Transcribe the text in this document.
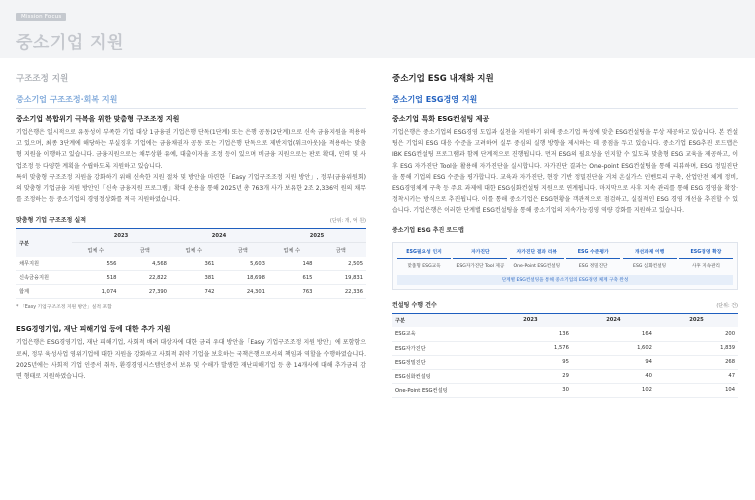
Mission Focus
중소기업 지원
구조조정 지원
중소기업 구조조정·회복 지원
중소기업 복합위기 극복을 위한 맞춤형 구조조정 지원

기업은행은 일시적으로 유동성이 부족한 기업 대상 1금융권 기업은행 단독(1단계) 또는 은행 공동(2단계)으로 신속 금융지원을 적용하고 있으며, 최종 3단계에 해당하는 부실징후 기업에는 금융채권자 공동 또는 기업은행 단독으로 제반지업(워크아웃)을 적용하는 맞춤형 지원을 이행하고 있습니다. 금융지원으로는 채무상환 유예, 대출이자율 조정 등이 있으며 비금융 지원으로는 판로 확대, 인력 및 사업조정 등 다양한 계획을 수립하도록 지원하고 있습니다.

특히 맞춤형 구조조정 지원을 강화하기 위해 신속한 지원 절차 및 방안을 마련한「Easy 기업구조조정 지원 방안」, 정부(금융위원회)의 맞춤형 기업금융 지원 방안인「신속 금융지원 프로그램」확대 운용을 통해 2025년 총 763개 사가 보유한 2조 2,336억 원의 채무를 조정하는 등 중소기업의 경영정상화를 적극 지원하였습니다.

맞춤형 기업 구조조정 실적	(단위: 개, 억 원)
구분	2023		2024		2025	
	업체 수	금액	업체 수	금액	업체 수	금액
채무지원	556	4,568	361	5,603	148	2,505
신속금융지원	518	22,822	381	18,698	615	19,831
합계	1,074	27,390	742	24,301	763	22,336
* 「Easy 기업구조조정 지원 방안」실적 포함
ESG경영기업, 재난 피해기업 등에 대한 추가 지원

기업은행은 ESG경영기업, 재난 피해기업, 사회적 배려 대상자에 대한 금리 우대 방안을「Easy 기업구조조정 지원 방안」에 포함함으로써, 정부 육성사업 영위기업에 대한 지원을 강화하고 사회적 취약 기업을 보호하는 국책은행으로서의 책임과 역할을 수행하였습니다. 2025년에는 사회적 기업 인증서 취득, 환경경영시스템인증서 보유 및 수해가 발생한 재난피해기업 등 총 14개사에 대해 추가금리 감면 형태로 지원하였습니다.

중소기업 ESG 내재화 지원
중소기업 ESG경영 지원
중소기업 특화 ESG컨설팅 제공

기업은행은 중소기업의 ESG경영 도입과 실천을 지원하기 위해 중소기업 특성에 맞춘 ESG컨설팅을 무상 제공하고 있습니다. 본 컨설팅은 기업의 ESG 대응 수준을 고려하여 실무 중심의 실행 방향을 제시하는 데 중점을 두고 있습니다. 중소기업 ESG추진 로드맵은 IBK ESG컨설팅 프로그램과 함께 단계적으로 진행됩니다. 먼저 ESG의 필요성을 인지할 수 있도록 맞춤형 ESG 교육을 제공하고, 이후 ESG 자가진단 Tool을 활용해 자가진단을 실시합니다. 자가진단 결과는 One-point ESG컨설팅을 통해 리뷰하며, ESG 정밀진단을 통해 기업의 ESG 수준을 평가합니다. 교육과 자가진단, 현장 기반 정밀진단을 거쳐 온실가스 인벤토리 구축, 산업안전 체계 정비, ESG경영체계 구축 등 주요 과제에 대한 ESG심화컨설팅 지원으로 연계됩니다. 마지막으로 사후 지속 관리를 통해 ESG 경영을 확장·정착시키는 방식으로 추진됩니다. 이를 통해 중소기업은 ESG현황을 객관적으로 점검하고, 실질적인 ESG 경영 개선을 추진할 수 있습니다. 기업은행은 이러한 단계별 ESG컨설팅을 통해 중소기업의 지속가능경영 역량 강화를 지원하고 있습니다.

중소기업 ESG 추진 로드맵
ESG필요성 인지
맞춤형 ESG교육
자가진단
ESG자가진단 Tool 제공
자가진단 결과 리뷰
One-Point ESG컨설팅
ESG 수준평가
ESG 정밀진단
개선과제 이행
ESG 심화컨설팅
ESG경영 확장
사후 지속관리
단계별 ESG컨설팅을 통해 중소기업의 ESG경영 체계 구축 완성
컨설팅 수행 건수	(단위: 건)
구분	2023	2024	2025
ESG교육	136	164	200
ESG자가진단	1,576	1,602	1,839
ESG정밀진단	95	94	268
ESG심화컨설팅	29	40	47
One-Point ESG컨설팅	30	102	104
